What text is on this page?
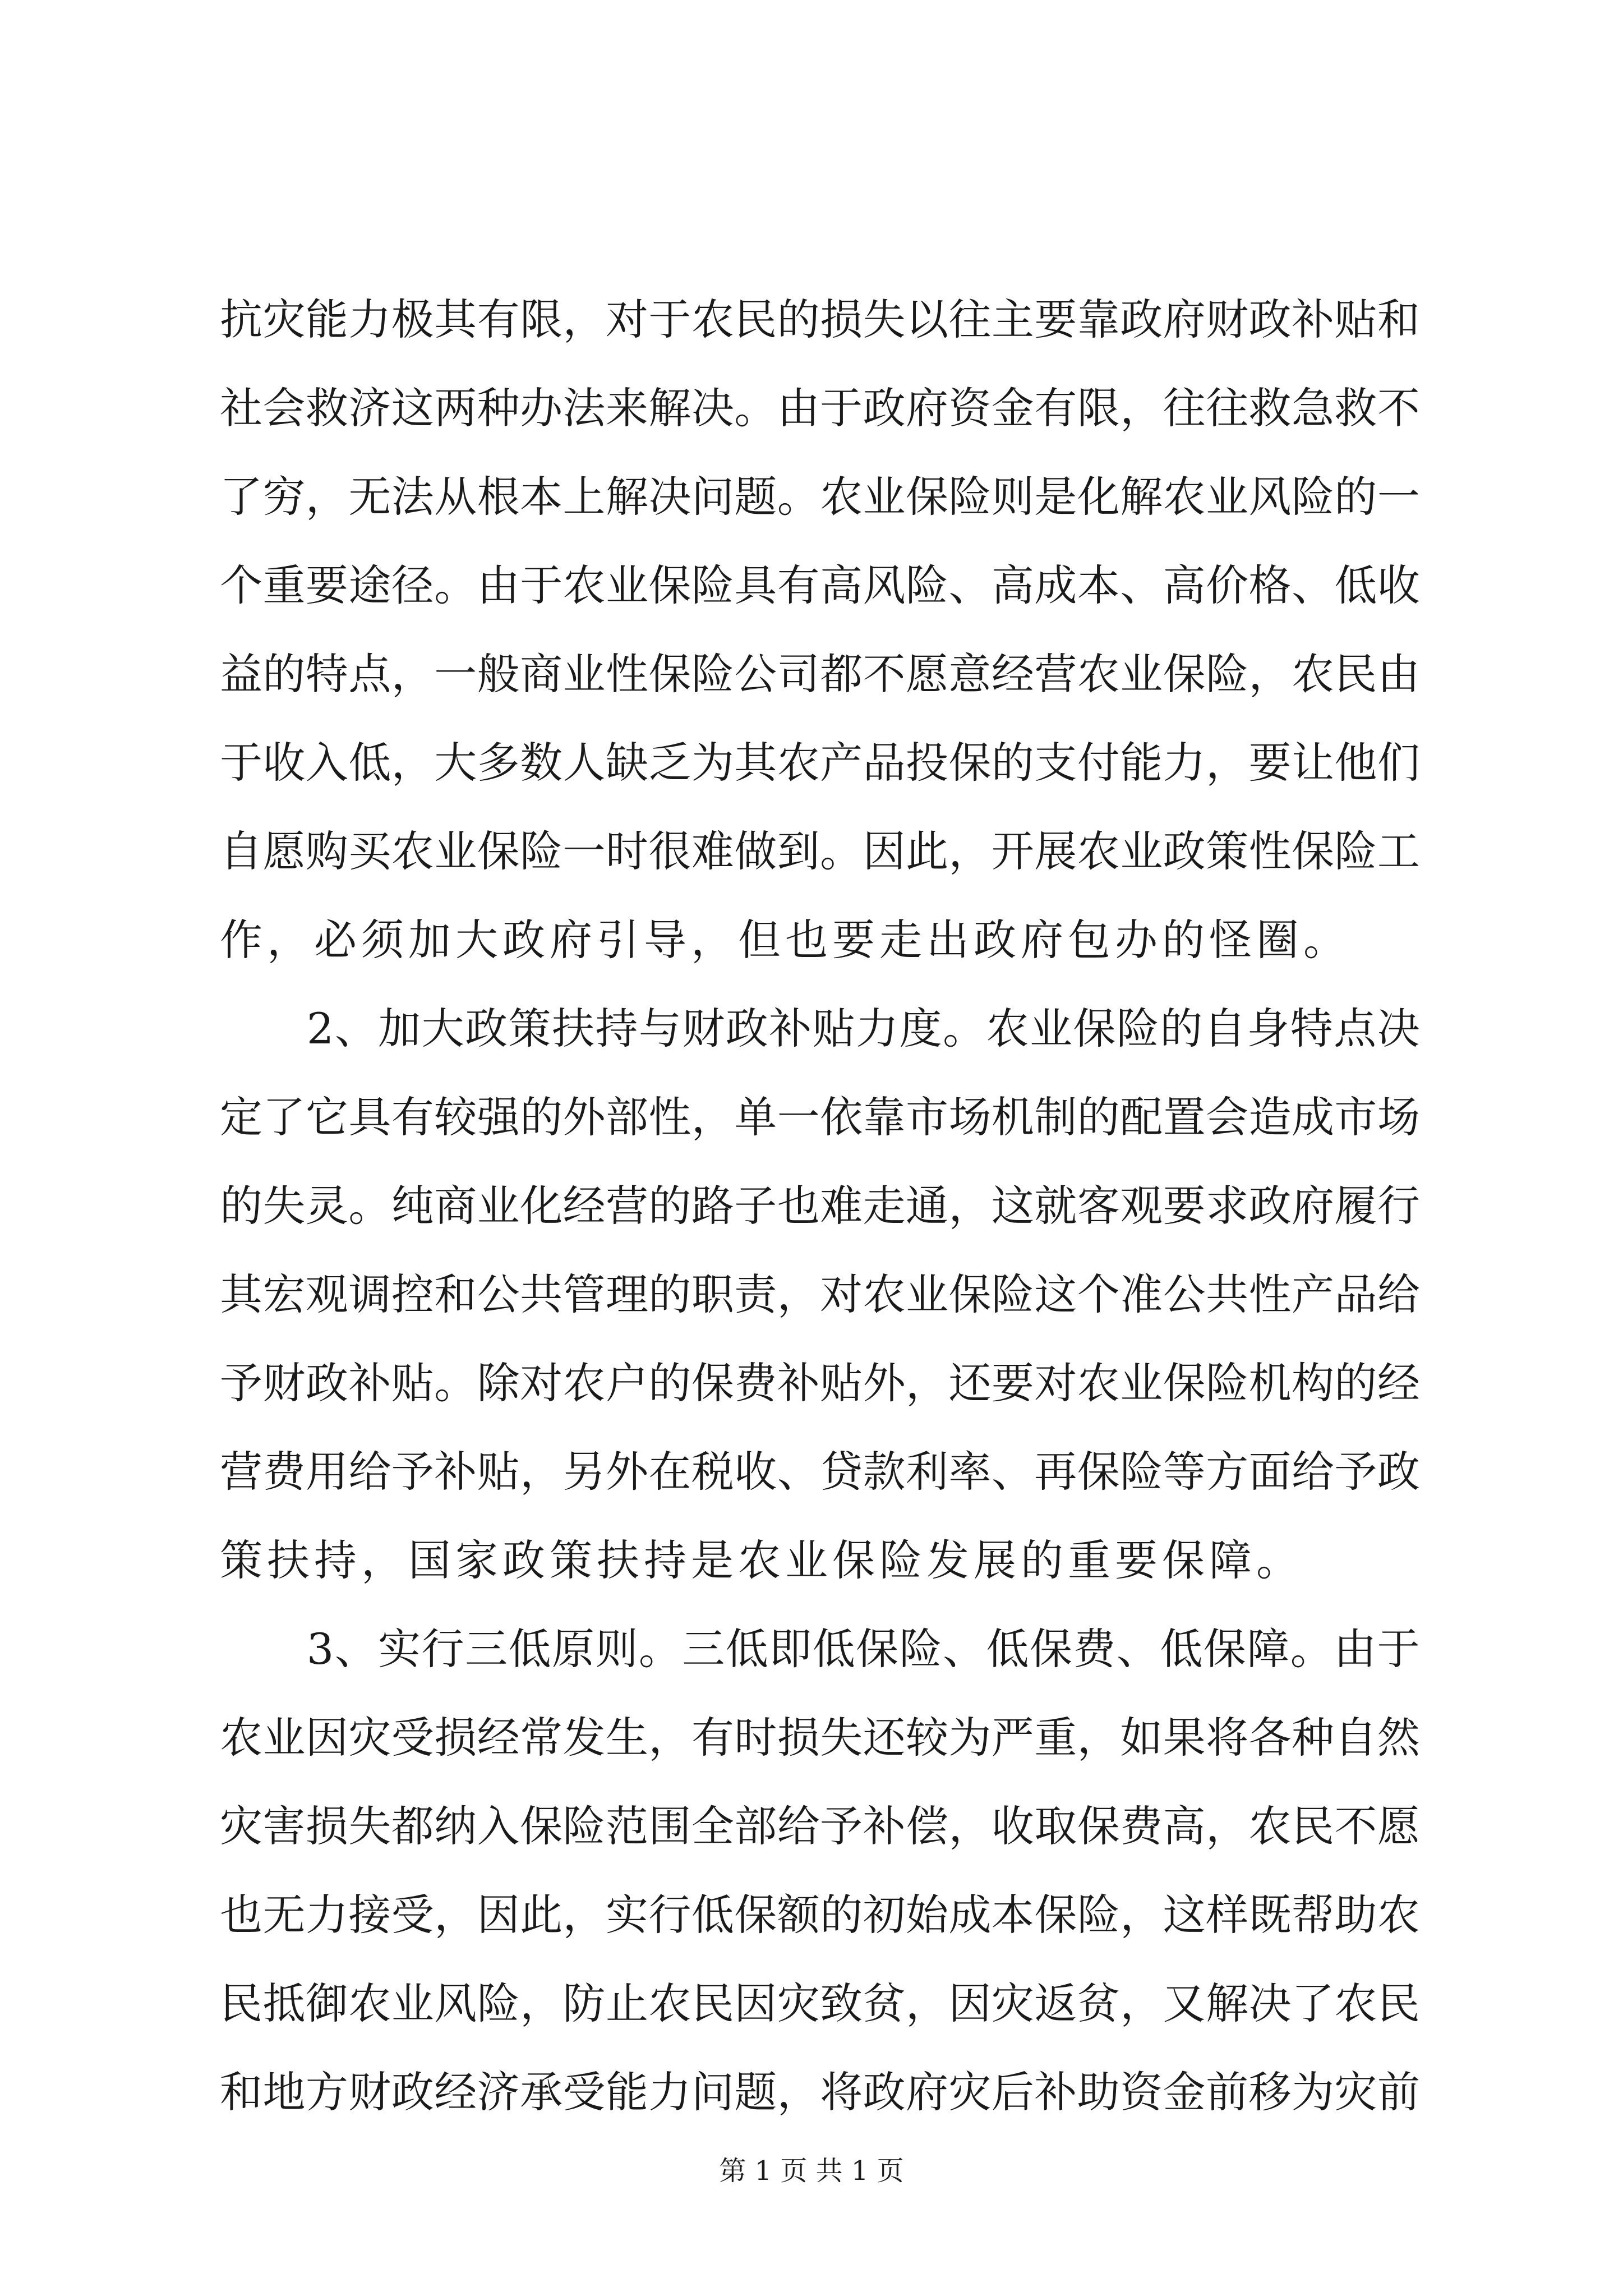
抗 灾 能 力 极 其 有 限 ， 对 于 农 民 的 损 失 以 往 主 要 靠 政 府 财 政 补 贴 和
社 会 救 济 这 两 种 办 法 来 解 决 。 由 于 政 府 资 金 有 限 ， 往 往 救 急 救 不
了 穷 ， 无 法 从 根 本 上 解 决 问 题 。 农 业 保 险 则 是 化 解 农 业 风 险 的 一
个 重 要 途 径 。 由 于 农 业 保 险 具 有 高 风 险 、 高 成 本 、 高 价 格 、 低 收
益 的 特 点 ， 一 般 商 业 性 保 险 公 司 都 不 愿 意 经 营 农 业 保 险 ， 农 民 由
于 收 入 低 ， 大 多 数 人 缺 乏 为 其 农 产 品 投 保 的 支 付 能 力 ， 要 让 他 们
自 愿 购 买 农 业 保 险 一 时 很 难 做 到 。 因 此 ， 开 展 农 业 政 策 性 保 险 工
作，必须加大政府引导，但也要走出政府包办的怪圈。

2 、 加 大 政 策 扶 持 与 财 政 补 贴 力 度 。 农 业 保 险 的 自 身 特 点 决
定 了 它 具 有 较 强 的 外 部 性 ， 单 一 依 靠 市 场 机 制 的 配 置 会 造 成 市 场
的 失 灵 。 纯 商 业 化 经 营 的 路 子 也 难 走 通 ， 这 就 客 观 要 求 政 府 履 行
其 宏 观 调 控 和 公 共 管 理 的 职 责 ， 对 农 业 保 险 这 个 准 公 共 性 产 品 给
予 财 政 补 贴 。 除 对 农 户 的 保 费 补 贴 外 ， 还 要 对 农 业 保 险 机 构 的 经
营 费 用 给 予 补 贴 ， 另 外 在 税 收 、 贷 款 利 率 、 再 保 险 等 方 面 给 予 政
策扶持，国家政策扶持是农业保险发展的重要保障。

3 、 实 行 三 低 原 则 。 三 低 即 低 保 险 、 低 保 费 、 低 保 障 。 由 于
农 业 因 灾 受 损 经 常 发 生 ， 有 时 损 失 还 较 为 严 重 ， 如 果 将 各 种 自 然
灾 害 损 失 都 纳 入 保 险 范 围 全 部 给 予 补 偿 ， 收 取 保 费 高 ， 农 民 不 愿
也 无 力 接 受 ， 因 此 ， 实 行 低 保 额 的 初 始 成 本 保 险 ， 这 样 既 帮 助 农
民 抵 御 农 业 风 险 ， 防 止 农 民 因 灾 致 贫 ， 因 灾 返 贫 ， 又 解 决 了 农 民
和 地 方 财 政 经 济 承 受 能 力 问 题 ， 将 政 府 灾 后 补 助 资 金 前 移 为 灾 前
第 1 页 共 1 页
